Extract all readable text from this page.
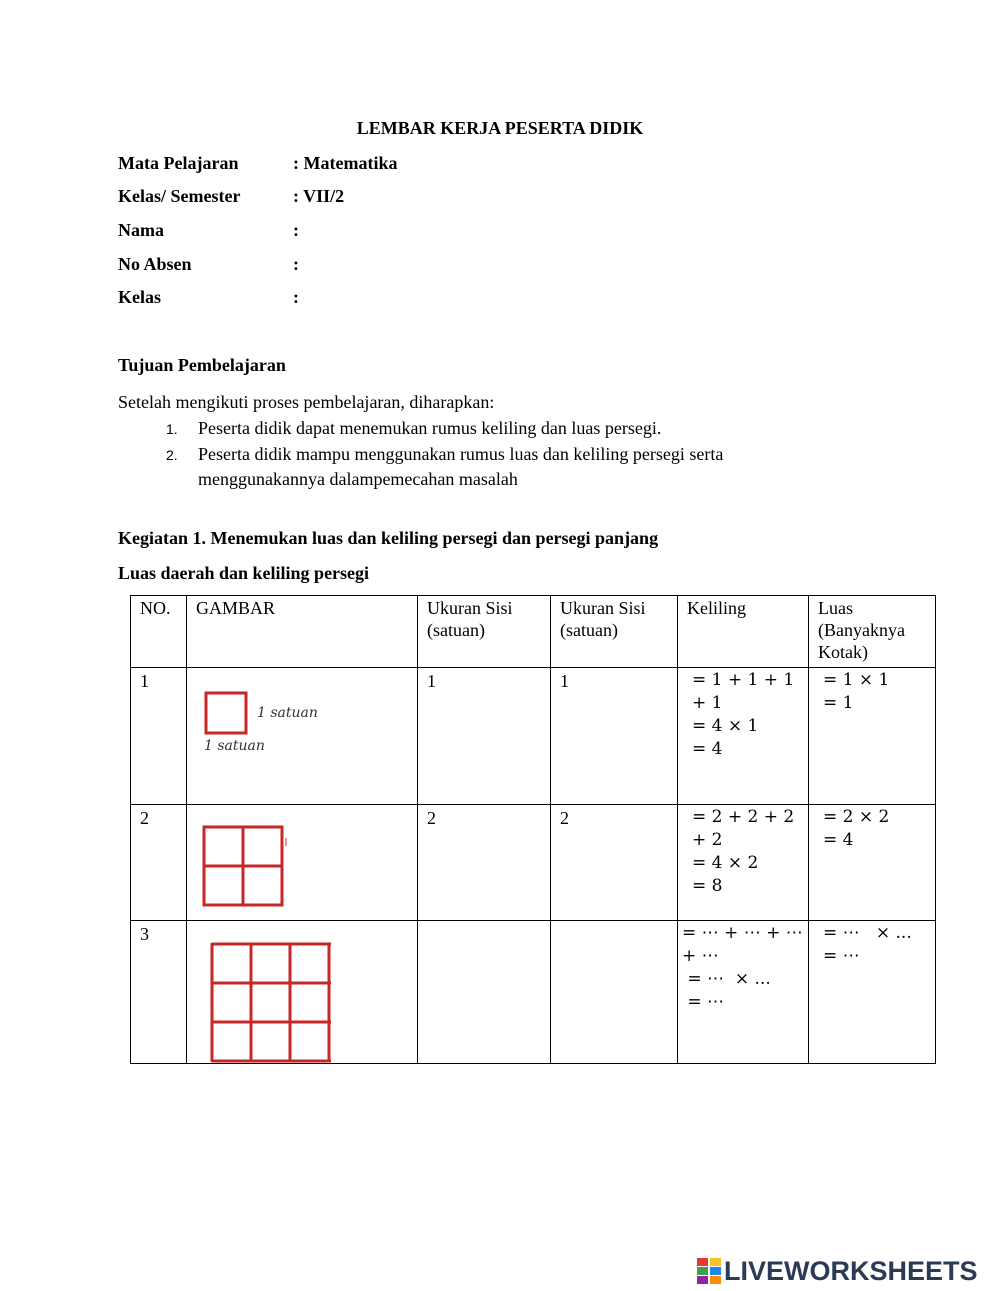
LEMBAR KERJA PESERTA DIDIK
Mata Pelajaran	: Matematika
Kelas/ Semester	: VII/2
Nama	:
No Absen	:
Kelas	:
Tujuan Pembelajaran
Setelah mengikuti proses pembelajaran, diharapkan:
1. Peserta didik dapat menemukan rumus keliling dan luas persegi.
2. Peserta didik mampu menggunakan rumus luas dan keliling persegi serta
menggunakannya dalampemecahan masalah
Kegiatan 1. Menemukan luas dan keliling persegi dan persegi panjang
Luas daerah dan keliling persegi
NO.	GAMBAR	Ukuran Sisi (satuan)	Ukuran Sisi (satuan)	Keliling	Luas (Banyaknya Kotak)
1	1 satuan
1 satuan	1	1	= 1 + 1 + 1
+ 1
= 4 × 1
= 4	= 1 × 1
= 1

2		2	2	= 2 + 2 + 2
+ 2
= 4 × 2
= 8	= 2 × 2
= 4

3				= ⋯ + ⋯ + ⋯
+ ⋯
= ⋯  × ...
= ⋯	= ⋯   × ...
= ⋯
LIVEWORKSHEETS
